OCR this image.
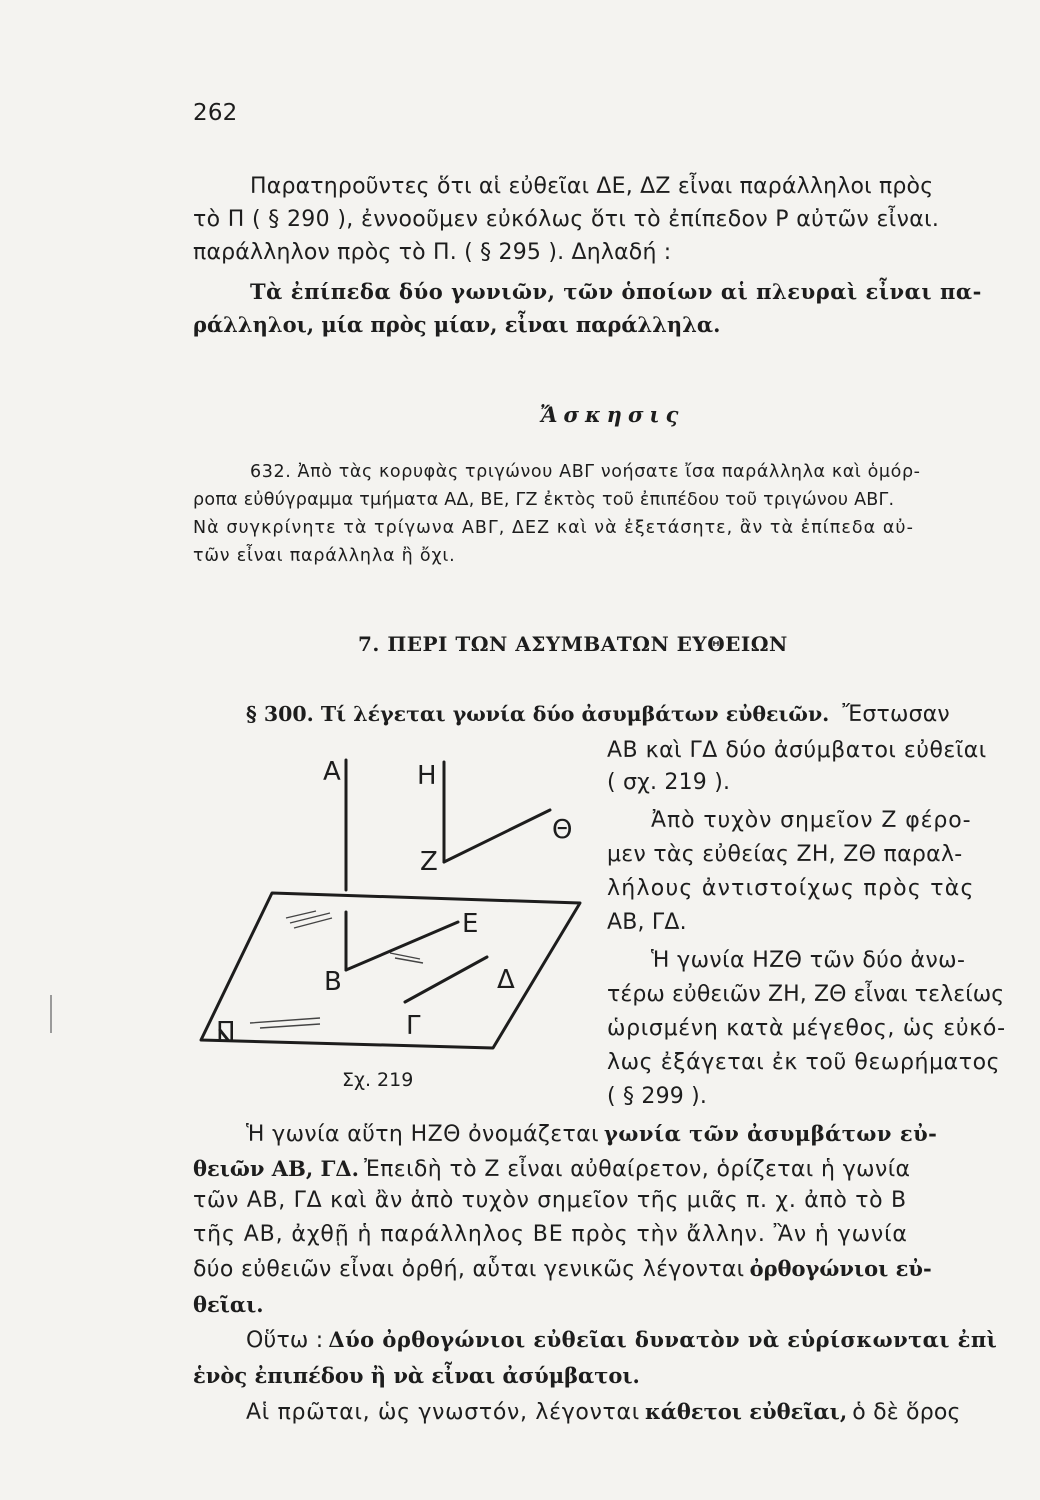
262
Παρατηροῦντες ὅτι αἱ εὐθεῖαι ΔΕ, ΔΖ εἶναι παράλληλοι πρὸς
τὸ Π ( § 290 ), ἐννοοῦμεν εὐκόλως ὅτι τὸ ἐπίπεδον Ρ αὐτῶν εἶναι.
παράλληλον πρὸς τὸ Π. ( § 295 ). Δηλαδή :
Τὰ ἐπίπεδα δύο γωνιῶν, τῶν ὁποίων αἱ πλευραὶ εἶναι πα-
ράλληλοι, μία πρὸς μίαν, εἶναι παράλληλα.
Ἄσκησις
632. Ἀπὸ τὰς κορυφὰς τριγώνου ΑΒΓ νοήσατε ἴσα παράλληλα καὶ ὁμόρ-
ροπα εὐθύγραμμα τμήματα ΑΔ, ΒΕ, ΓΖ ἐκτὸς τοῦ ἐπιπέδου τοῦ τριγώνου ΑΒΓ.
Νὰ συγκρίνητε τὰ τρίγωνα ΑΒΓ, ΔΕΖ καὶ νὰ ἐξετάσητε, ἂν τὰ ἐπίπεδα αὐ-
τῶν εἶναι παράλληλα ἢ ὄχι.
7. ΠΕΡΙ ΤΩΝ ΑΣΥΜΒΑΤΩΝ ΕΥΘΕΙΩΝ
§ 300. Τί λέγεται γωνία δύο ἀσυμβάτων εὐθειῶν. Ἔστωσαν
ΑΒ καὶ ΓΔ δύο ἀσύμβατοι εὐθεῖαι
( σχ. 219 ).
Ἀπὸ τυχὸν σημεῖον Ζ φέρο-
μεν τὰς εὐθείας ΖΗ, ΖΘ παραλ-
λήλους ἀντιστοίχως πρὸς τὰς
ΑΒ, ΓΔ.
Ἡ γωνία ΗΖΘ τῶν δύο ἀνω-
τέρω εὐθειῶν ΖΗ, ΖΘ εἶναι τελείως
ὡρισμένη κατὰ μέγεθος, ὡς εὐκό-
λως ἐξάγεται ἐκ τοῦ θεωρήματος
( § 299 ).
Α	Η
Ζ
Θ
Ε
Β	Δ
Γ
Π
Σχ. 219
Ἡ γωνία αὕτη ΗΖΘ ὀνομάζεται γωνία τῶν ἀσυμβάτων εὐ-
θειῶν ΑΒ, ΓΔ. Ἐπειδὴ τὸ Ζ εἶναι αὐθαίρετον, ὁρίζεται ἡ γωνία
τῶν ΑΒ, ΓΔ καὶ ἂν ἀπὸ τυχὸν σημεῖον τῆς μιᾶς π. χ. ἀπὸ τὸ Β
τῆς ΑΒ, ἀχθῇ ἡ παράλληλος ΒΕ πρὸς τὴν ἄλλην. Ἂν ἡ γωνία
δύο εὐθειῶν εἶναι ὀρθή, αὗται γενικῶς λέγονται ὀρθογώνιοι εὐ-
θεῖαι.
Οὕτω : Δύο ὀρθογώνιοι εὐθεῖαι δυνατὸν νὰ εὑρίσκωνται ἐπὶ
ἑνὸς ἐπιπέδου ἢ νὰ εἶναι ἀσύμβατοι.
Αἱ πρῶται, ὡς γνωστόν, λέγονται κάθετοι εὐθεῖαι, ὁ δὲ ὅρος
